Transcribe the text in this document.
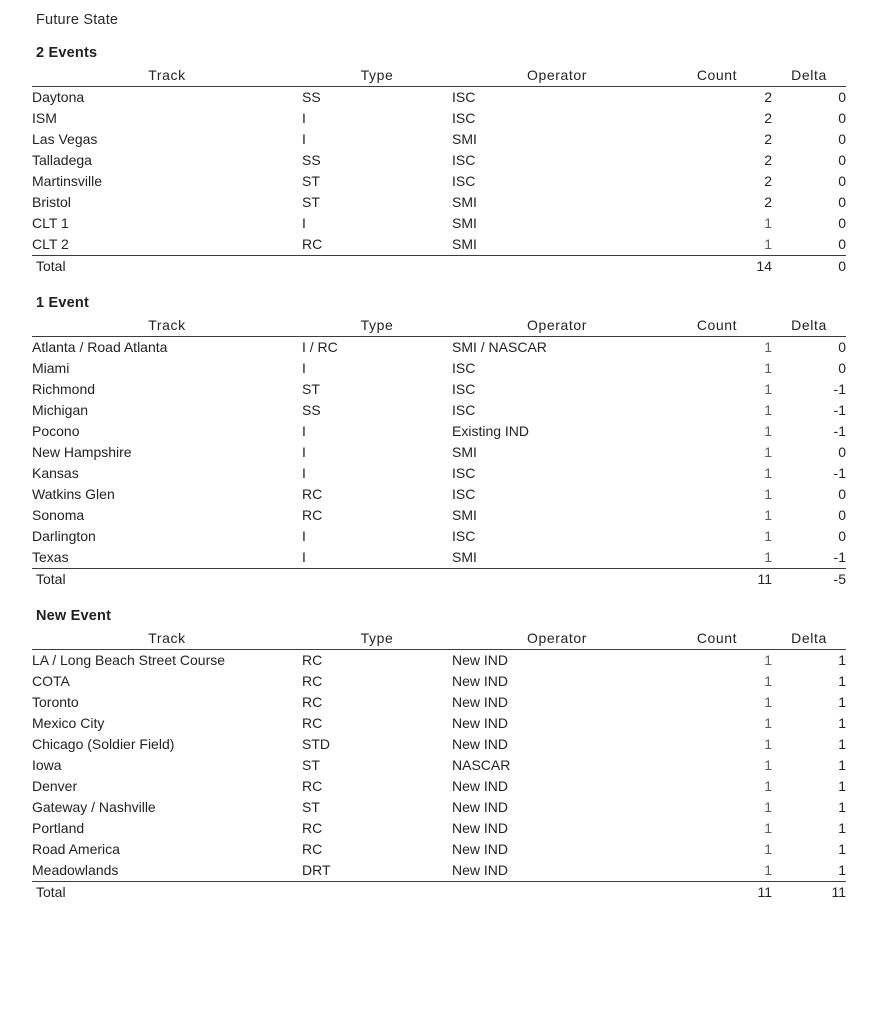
Future State
2 Events
Track	Type	Operator	Count	Delta
Daytona	SS	ISC	2	0
ISM	I	ISC	2	0
Las Vegas	I	SMI	2	0
Talladega	SS	ISC	2	0
Martinsville	ST	ISC	2	0
Bristol	ST	SMI	2	0
CLT 1	I	SMI	1	0
CLT 2	RC	SMI	1	0
Total			14	0
1 Event
Track	Type	Operator	Count	Delta
Atlanta / Road Atlanta	I / RC	SMI / NASCAR	1	0
Miami	I	ISC	1	0
Richmond	ST	ISC	1	-1
Michigan	SS	ISC	1	-1
Pocono	I	Existing IND	1	-1
New Hampshire	I	SMI	1	0
Kansas	I	ISC	1	-1
Watkins Glen	RC	ISC	1	0
Sonoma	RC	SMI	1	0
Darlington	I	ISC	1	0
Texas	I	SMI	1	-1
Total			11	-5
New Event
Track	Type	Operator	Count	Delta
LA / Long Beach Street Course	RC	New IND	1	1
COTA	RC	New IND	1	1
Toronto	RC	New IND	1	1
Mexico City	RC	New IND	1	1
Chicago (Soldier Field)	STD	New IND	1	1
Iowa	ST	NASCAR	1	1
Denver	RC	New IND	1	1
Gateway / Nashville	ST	New IND	1	1
Portland	RC	New IND	1	1
Road America	RC	New IND	1	1
Meadowlands	DRT	New IND	1	1
Total			11	11
